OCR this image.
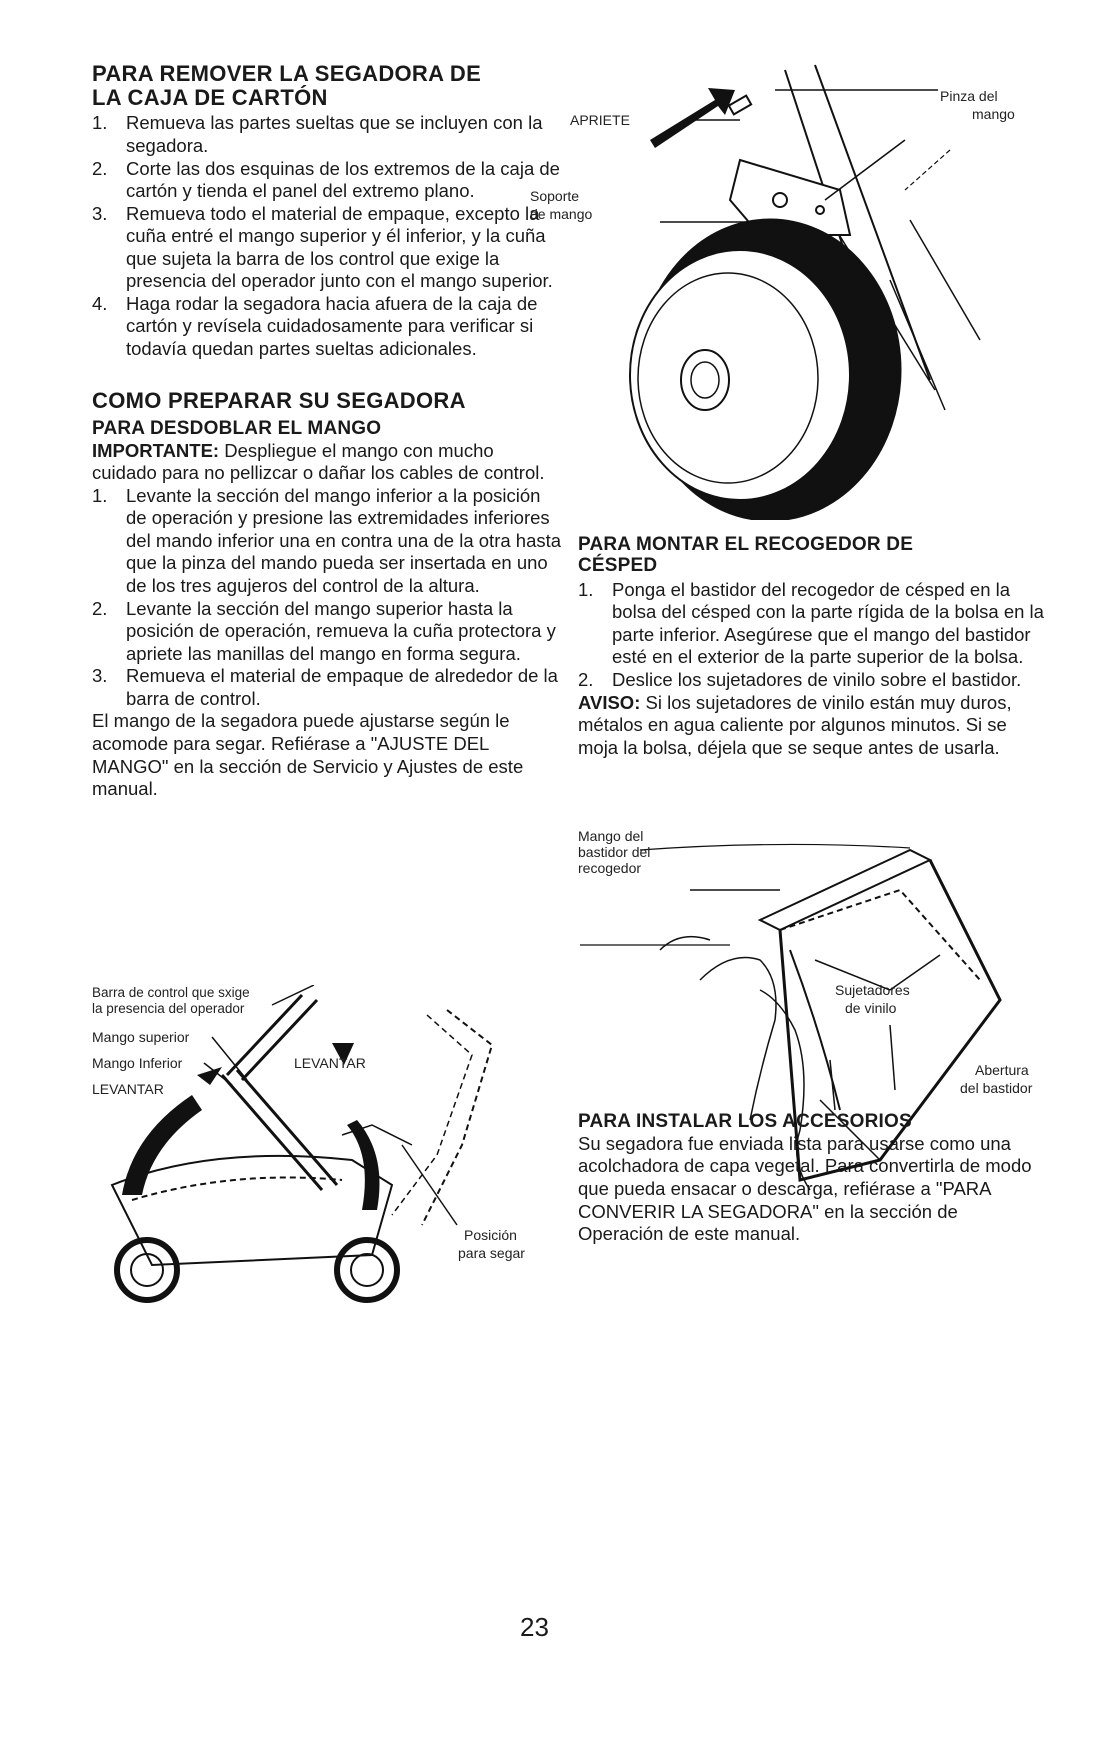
PARA REMOVER LA SEGADORA DE
LA CAJA DE CARTÓN
1. Remueva las partes sueltas que se incluyen con la segadora.
2. Corte las dos esquinas de los extremos de la caja de cartón y tienda el panel del extremo plano.
3. Remueva todo el material de empaque, excepto la cuña entré el mango superior y él inferior, y la cuña que sujeta la barra de los control que exige la presencia del operador junto con el mango superior.
4. Haga rodar la segadora hacia afuera de la caja de cartón y revísela cuidadosamente para verificar si todavía quedan partes sueltas adicionales.
COMO PREPARAR SU SEGADORA
PARA DESDOBLAR EL MANGO

IMPORTANTE: Despliegue el mango con mucho cuidado para no pellizcar o dañar los cables de control.

1. Levante la sección del mango inferior a la posición de operación y presione las extremidades inferiores del mando inferior una en contra una de la otra hasta que la pinza del mando pueda ser insertada en uno de los tres agujeros del control de la altura.
2. Levante la sección del mango superior hasta la posición de operación, remueva la cuña protectora y apriete las manillas del mango en forma segura.
3. Remueva el material de empaque de alrededor de la barra de control.

El mango de la segadora puede ajustarse según le acomode para segar. Refiérase a "AJUSTE DEL MANGO" en la sección de Servicio y Ajustes de este manual.

APRIETE
Pinza del
mango
Soporte
de mango
PARA MONTAR EL RECOGEDOR DE
CÉSPED
1. Ponga el bastidor del recogedor de césped en la bolsa del césped con la parte rígida de la bolsa en la parte inferior. Asegúrese que el mango del bastidor esté en el exterior de la parte superior de la bolsa.
2. Deslice los sujetadores de vinilo sobre el bastidor.

AVISO: Si los sujetadores de vinilo están muy duros, métalos en agua caliente por algunos minutos. Si se moja la bolsa, déjela que se seque antes de usarla.

Mango del
bastidor del
recogedor
Sujetadores
de vinilo
Abertura
del bastidor
PARA INSTALAR LOS ACCESORIOS

Su segadora fue enviada lista para usarse como una acolchadora de capa vegetal. Para convertirla de modo que pueda ensacar o descarga, refiérase a "PARA CONVERIR LA SEGADORA" en la sección de Operación de este manual.

Barra de control que sxige
la presencia del operador
Mango superior
Mango Inferior
LEVANTAR
LEVANTAR
Posición
para segar
23
